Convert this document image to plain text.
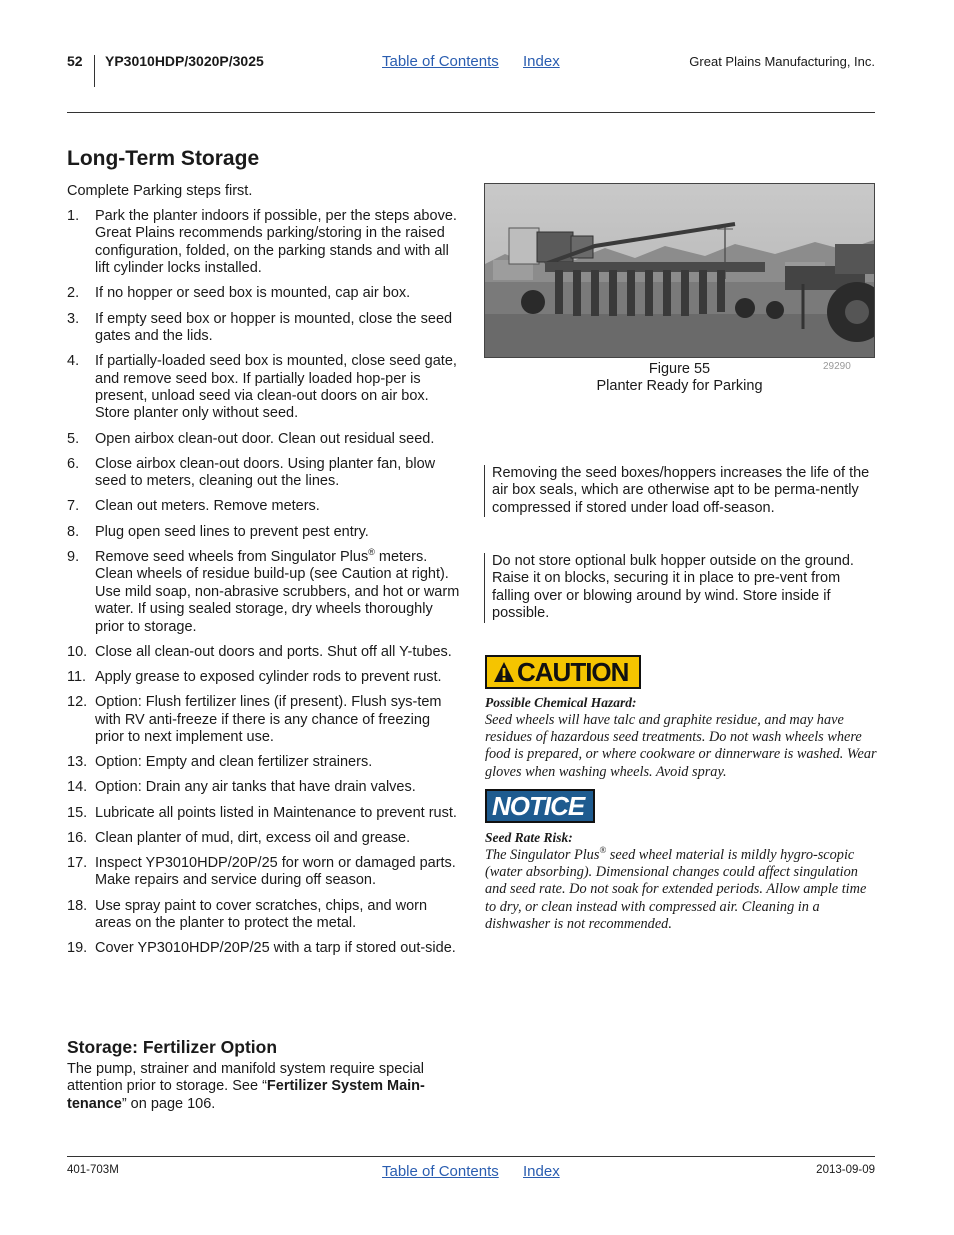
52 YP3010HDP/3020P/3025	Table of Contents Index	Great Plains Manufacturing, Inc.
Long-Term Storage
Complete Parking steps first.
1. Park the planter indoors if possible, per the steps above. Great Plains recommends parking/storing in the raised configuration, folded, on the parking stands and with all lift cylinder locks installed.
2. If no hopper or seed box is mounted, cap air box.
3. If empty seed box or hopper is mounted, close the seed gates and the lids.
4. If partially-loaded seed box is mounted, close seed gate, and remove seed box. If partially loaded hop-per is present, unload seed via clean-out doors on air box. Store planter only without seed.
5. Open airbox clean-out door. Clean out residual seed.
6. Close airbox clean-out doors. Using planter fan, blow seed to meters, cleaning out the lines.
7. Clean out meters. Remove meters.
8. Plug open seed lines to prevent pest entry.
9. Remove seed wheels from Singulator Plus® meters. Clean wheels of residue build-up (see Caution at right). Use mild soap, non-abrasive scrubbers, and hot or warm water. If using sealed storage, dry wheels thoroughly prior to storage.
10. Close all clean-out doors and ports. Shut off all Y-tubes.
11. Apply grease to exposed cylinder rods to prevent rust.
12. Option: Flush fertilizer lines (if present). Flush sys-tem with RV anti-freeze if there is any chance of freezing prior to next implement use.
13. Option: Empty and clean fertilizer strainers.
14. Option: Drain any air tanks that have drain valves.
15. Lubricate all points listed in Maintenance to prevent rust.
16. Clean planter of mud, dirt, excess oil and grease.
17. Inspect YP3010HDP/20P/25 for worn or damaged parts. Make repairs and service during off season.
18. Use spray paint to cover scratches, chips, and worn areas on the planter to protect the metal.
19. Cover YP3010HDP/20P/25 with a tarp if stored out-side.
Storage: Fertilizer Option

The pump, strainer and manifold system require special attention prior to storage. See “Fertilizer System Main-tenance” on page 106.

Figure 55
Planter Ready for Parking
29290
Removing the seed boxes/hoppers increases the life of the air box seals, which are otherwise apt to be perma-nently compressed if stored under load off-season.
Do not store optional bulk hopper outside on the ground. Raise it on blocks, securing it in place to pre-vent from falling over or blowing around by wind. Store inside if possible.
CAUTION
Possible Chemical Hazard:

Seed wheels will have talc and graphite residue, and may have residues of hazardous seed treatments. Do not wash wheels where food is prepared, or where cookware or dinnerware is washed. Wear gloves when washing wheels. Avoid spray.

NOTICE
Seed Rate Risk:

The Singulator Plus® seed wheel material is mildly hygro-scopic (water absorbing). Dimensional changes could affect singulation and seed rate. Do not soak for extended periods. Allow ample time to dry, or clean instead with compressed air. Cleaning in a dishwasher is not recommended.

401-703M	Table of Contents Index	2013-09-09
